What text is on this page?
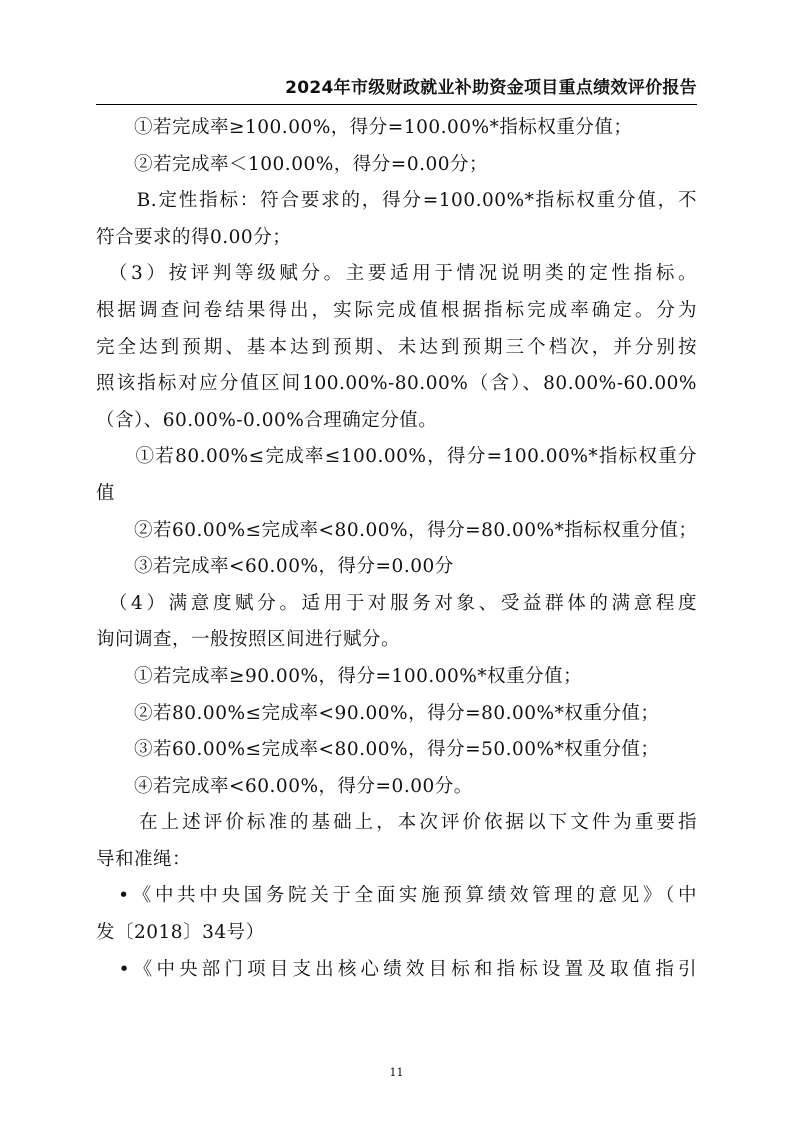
2024年市级财政就业补助资金项目重点绩效评价报告
　　①若完成率≥100.00%，得分=100.00%*指标权重分值；
　　②若完成率＜100.00%，得分=0.00分；
　　B.定性指标：符合要求的，得分=100.00%*指标权重分值，不
符合要求的得0.00分；
　（3）按评判等级赋分。主要适用于情况说明类的定性指标。
根据调查问卷结果得出，实际完成值根据指标完成率确定。分为
完全达到预期、基本达到预期、未达到预期三个档次，并分别按
照该指标对应分值区间100.00%-80.00%（含）、80.00%-60.00%
（含）、60.00%-0.00%合理确定分值。
　　①若80.00%≤完成率≤100.00%，得分=100.00%*指标权重分
值
　　②若60.00%≤完成率<80.00%，得分=80.00%*指标权重分值；
　　③若完成率<60.00%，得分=0.00分
　（4）满意度赋分。适用于对服务对象、受益群体的满意程度
询问调查，一般按照区间进行赋分。
　　①若完成率≥90.00%，得分=100.00%*权重分值；
　　②若80.00%≤完成率<90.00%，得分=80.00%*权重分值；
　　③若60.00%≤完成率<80.00%，得分=50.00%*权重分值；
　　④若完成率<60.00%，得分=0.00分。
　　在上述评价标准的基础上，本次评价依据以下文件为重要指
导和准绳：
　•《中共中央国务院关于全面实施预算绩效管理的意见》（中
发〔2018〕34号）
　•《中央部门项目支出核心绩效目标和指标设置及取值指引
11
